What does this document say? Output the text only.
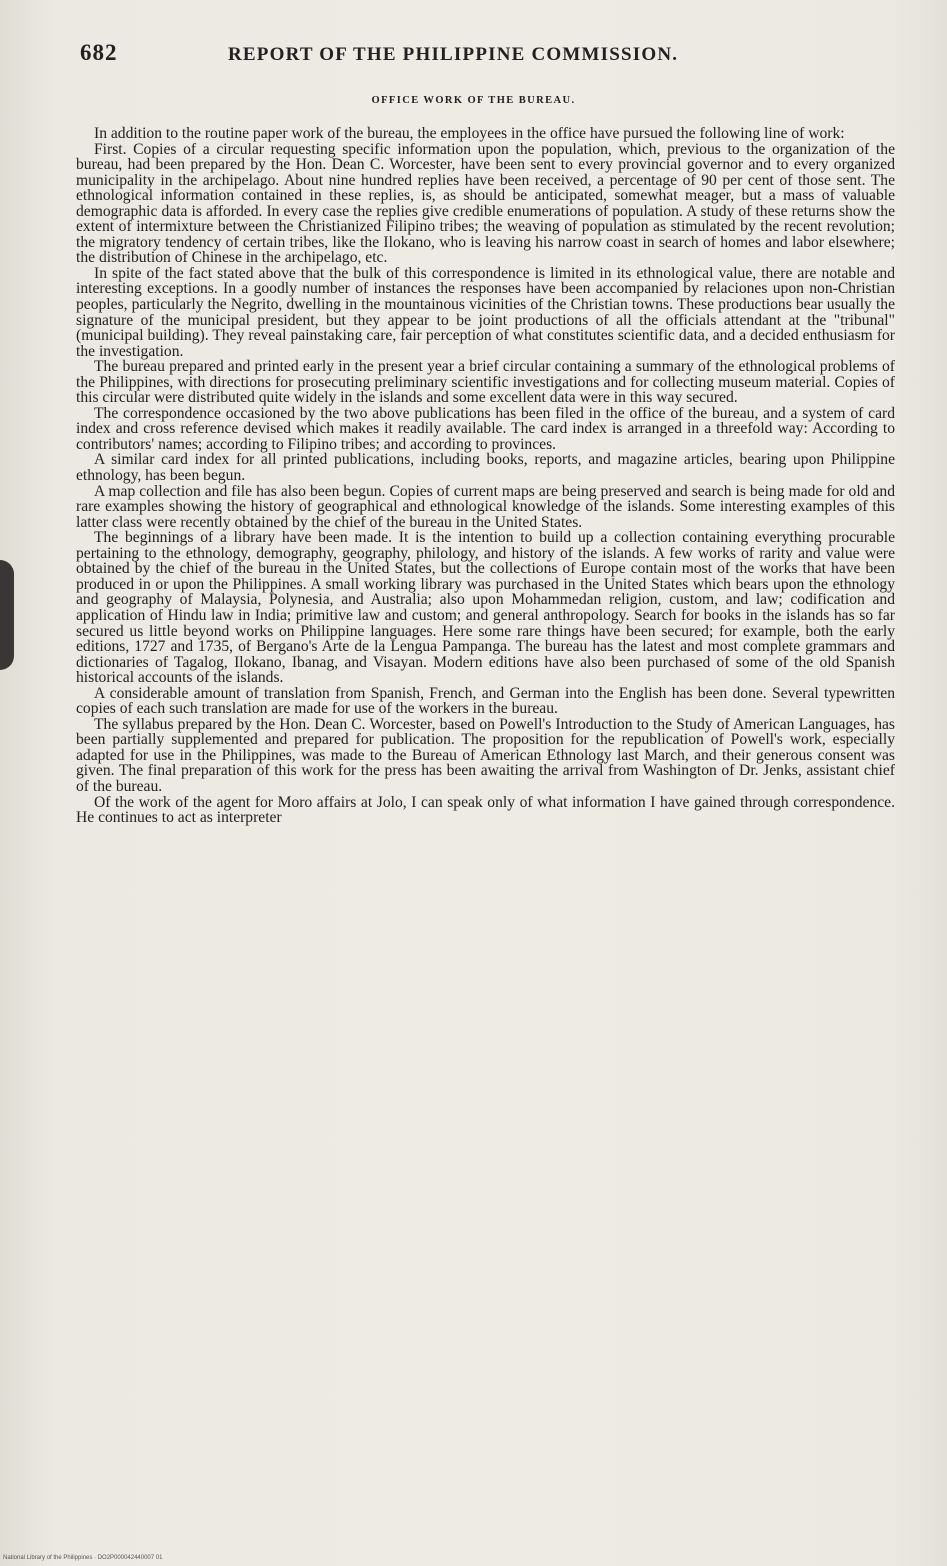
682	REPORT OF THE PHILIPPINE COMMISSION.
OFFICE WORK OF THE BUREAU.

In addition to the routine paper work of the bureau, the employees in the office have pursued the following line of work:

First. Copies of a circular requesting specific information upon the population, which, previous to the organization of the bureau, had been prepared by the Hon. Dean C. Worcester, have been sent to every provincial governor and to every organized municipality in the archipelago. About nine hundred replies have been received, a percentage of 90 per cent of those sent. The ethnological information contained in these replies, is, as should be anticipated, somewhat meager, but a mass of valuable demographic data is afforded. In every case the replies give credible enumerations of population. A study of these returns show the extent of intermixture between the Christianized Filipino tribes; the weaving of population as stimulated by the recent revolution; the migratory tendency of certain tribes, like the Ilokano, who is leaving his narrow coast in search of homes and labor elsewhere; the distribution of Chinese in the archipelago, etc.

In spite of the fact stated above that the bulk of this correspondence is limited in its ethnological value, there are notable and interesting exceptions. In a goodly number of instances the responses have been accompanied by relaciones upon non-Christian peoples, particularly the Negrito, dwelling in the mountainous vicinities of the Christian towns. These productions bear usually the signature of the municipal president, but they appear to be joint productions of all the officials attendant at the "tribunal" (municipal building). They reveal painstaking care, fair perception of what constitutes scientific data, and a decided enthusiasm for the investigation.

The bureau prepared and printed early in the present year a brief circular containing a summary of the ethnological problems of the Philippines, with directions for prosecuting preliminary scientific investigations and for collecting museum material. Copies of this circular were distributed quite widely in the islands and some excellent data were in this way secured.

The correspondence occasioned by the two above publications has been filed in the office of the bureau, and a system of card index and cross reference devised which makes it readily available. The card index is arranged in a threefold way: According to contributors' names; according to Filipino tribes; and according to provinces.

A similar card index for all printed publications, including books, reports, and magazine articles, bearing upon Philippine ethnology, has been begun.

A map collection and file has also been begun. Copies of current maps are being preserved and search is being made for old and rare examples showing the history of geographical and ethnological knowledge of the islands. Some interesting examples of this latter class were recently obtained by the chief of the bureau in the United States.

The beginnings of a library have been made. It is the intention to build up a collection containing everything procurable pertaining to the ethnology, demography, geography, philology, and history of the islands. A few works of rarity and value were obtained by the chief of the bureau in the United States, but the collections of Europe contain most of the works that have been produced in or upon the Philippines. A small working library was purchased in the United States which bears upon the ethnology and geography of Malaysia, Polynesia, and Australia; also upon Mohammedan religion, custom, and law; codification and application of Hindu law in India; primitive law and custom; and general anthropology. Search for books in the islands has so far secured us little beyond works on Philippine languages. Here some rare things have been secured; for example, both the early editions, 1727 and 1735, of Bergano's Arte de la Lengua Pampanga. The bureau has the latest and most complete grammars and dictionaries of Tagalog, Ilokano, Ibanag, and Visayan. Modern editions have also been purchased of some of the old Spanish historical accounts of the islands.

A considerable amount of translation from Spanish, French, and German into the English has been done. Several typewritten copies of each such translation are made for use of the workers in the bureau.

The syllabus prepared by the Hon. Dean C. Worcester, based on Powell's Introduction to the Study of American Languages, has been partially supplemented and prepared for publication. The proposition for the republication of Powell's work, especially adapted for use in the Philippines, was made to the Bureau of American Ethnology last March, and their generous consent was given. The final preparation of this work for the press has been awaiting the arrival from Washington of Dr. Jenks, assistant chief of the bureau.

Of the work of the agent for Moro affairs at Jolo, I can speak only of what information I have gained through correspondence. He continues to act as interpreter

National Library of the Philippines · DO2P000042440007 01
